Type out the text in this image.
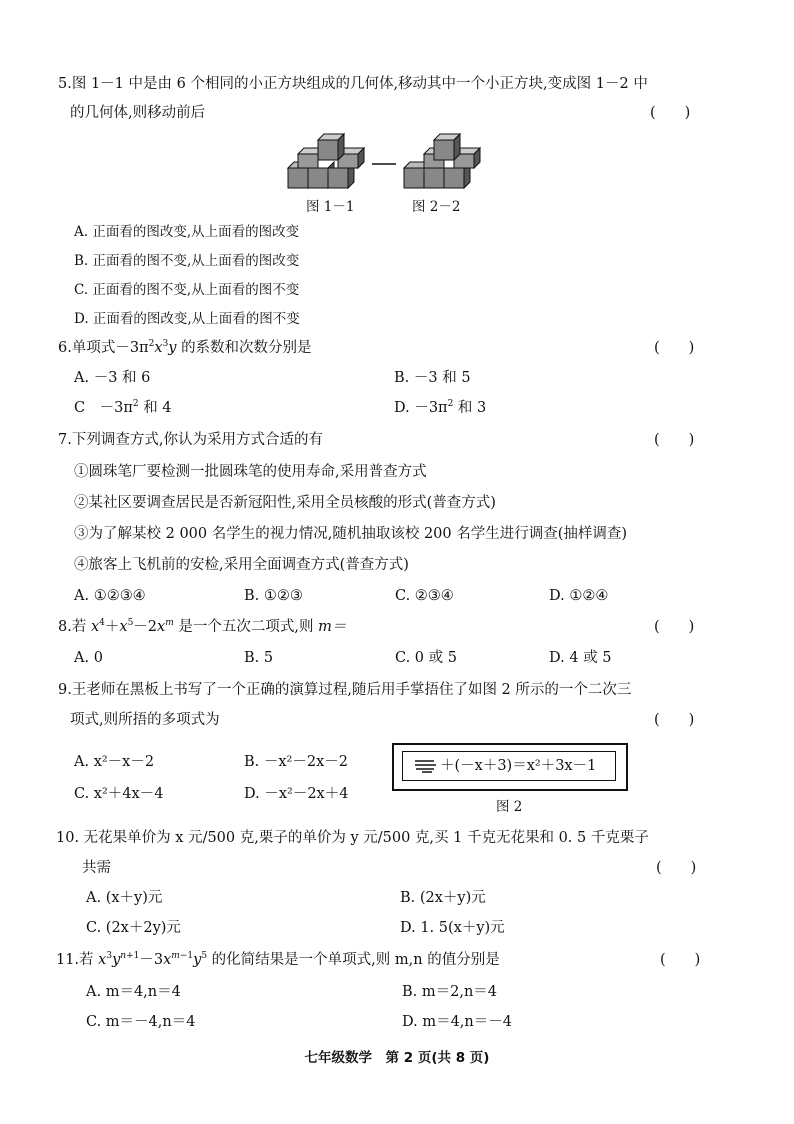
5.图 1－1 中是由 6 个相同的小正方块组成的几何体,移动其中一个小正方块,变成图 1－2 中
的几何体,则移动前后	(　　)
图 1－1	图 2－2
A. 正面看的图改变,从上面看的图改变
B. 正面看的图不变,从上面看的图改变
C. 正面看的图不变,从上面看的图不变
D. 正面看的图改变,从上面看的图不变
6.单项式$-3\pi^2x^3y$ 的系数和次数分别是	(　　)
A. －3 和 6	B. －3 和 5
C　$-3\pi^2$ 和 4	D. $-3\pi^2$ 和 3
7.下列调查方式,你认为采用方式合适的有	(　　)
①圆珠笔厂要检测一批圆珠笔的使用寿命,采用普查方式
②某社区要调查居民是否新冠阳性,采用全员核酸的形式(普查方式)
③为了解某校 2 000 名学生的视力情况,随机抽取该校 200 名学生进行调查(抽样调查)
④旅客上飞机前的安检,采用全面调查方式(普查方式)
A. ①②③④	B. ①②③	C. ②③④	D. ①②④
8.若 $x^4+x^5-2x^m$ 是一个五次二项式,则 m＝	(　　)
A. 0	B. 5	C. 0 或 5	D. 4 或 5
9.王老师在黑板上书写了一个正确的演算过程,随后用手掌捂住了如图 2 所示的一个二次三
项式,则所捂的多项式为	(　　)
A. x²－x－2	B. －x²－2x－2
C. x²＋4x－4	D. －x²－2x＋4
＋(－x＋3)＝x²＋3x－1
图 2
10. 无花果单价为 x 元/500 克,栗子的单价为 y 元/500 克,买 1 千克无花果和 0. 5 千克栗子
共需	(　　)
A. (x＋y)元	B. (2x＋y)元
C. (2x＋2y)元	D. 1. 5(x＋y)元
11.若 $x^3y^{n+1}-3x^{m-1}y^5$ 的化简结果是一个单项式,则 m,n 的值分别是	(　　)
A. m＝4,n＝4	B. m＝2,n＝4
C. m＝－4,n＝4	D. m＝4,n＝－4
七年级数学　第 2 页(共 8 页)
